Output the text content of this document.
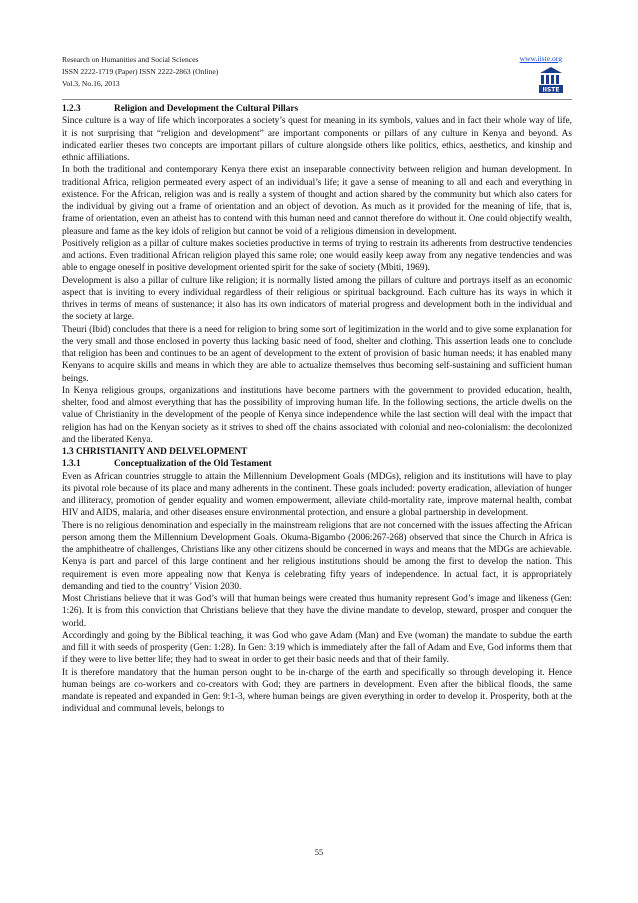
Research on Humanities and Social Sciences
ISSN 2222-1719 (Paper) ISSN 2222-2863 (Online)
Vol.3, No.16, 2013
www.iiste.org
IISTE

1.2.3	Religion and Development the Cultural Pillars

Since culture is a way of life which incorporates a society’s quest for meaning in its symbols, values and in fact their whole way of life, it is not surprising that “religion and development” are important components or pillars of any culture in Kenya and beyond. As indicated earlier theses two concepts are important pillars of culture alongside others like politics, ethics, aesthetics, and kinship and ethnic affiliations.

In both the traditional and contemporary Kenya there exist an inseparable connectivity between religion and human development. In traditional Africa, religion permeated every aspect of an individual’s life; it gave a sense of meaning to all and each and everything in existence. For the African, religion was and is really a system of thought and action shared by the community but which also caters for the individual by giving out a frame of orientation and an object of devotion. As much as it provided for the meaning of life, that is, frame of orientation, even an atheist has to contend with this human need and cannot therefore do without it. One could objectify wealth, pleasure and fame as the key idols of religion but cannot be void of a religious dimension in development.

Positively religion as a pillar of culture makes societies productive in terms of trying to restrain its adherents from destructive tendencies and actions. Even traditional African religion played this same role; one would easily keep away from any negative tendencies and was able to engage oneself in positive development oriented spirit for the sake of society (Mbiti, 1969).

Development is also a pillar of culture like religion; it is normally listed among the pillars of culture and portrays itself as an economic aspect that is inviting to every individual regardless of their religious or spiritual background. Each culture has its ways in which it thrives in terms of means of sustenance; it also has its own indicators of material progress and development both in the individual and the society at large.

Theuri (Ibid) concludes that there is a need for religion to bring some sort of legitimization in the world and to give some explanation for the very small and those enclosed in poverty thus lacking basic need of food, shelter and clothing. This assertion leads one to conclude that religion has been and continues to be an agent of development to the extent of provision of basic human needs; it has enabled many Kenyans to acquire skills and means in which they are able to actualize themselves thus becoming self-sustaining and sufficient human beings.

In Kenya religious groups, organizations and institutions have become partners with the government to provided education, health, shelter, food and almost everything that has the possibility of improving human life. In the following sections, the article dwells on the value of Christianity in the development of the people of Kenya since independence while the last section will deal with the impact that religion has had on the Kenyan society as it strives to shed off the chains associated with colonial and neo-colonialism: the decolonized and the liberated Kenya.

1.3 CHRISTIANITY AND DELVELOPMENT

1.3.1	Conceptualization of the Old Testament

Even as African countries struggle to attain the Millennium Development Goals (MDGs), religion and its institutions will have to play its pivotal role because of its place and many adherents in the continent. These goals included: poverty eradication, alleviation of hunger and illiteracy, promotion of gender equality and women empowerment, alleviate child-mortality rate, improve maternal health, combat HIV and AIDS, malaria, and other diseases ensure environmental protection, and ensure a global partnership in development.

There is no religious denomination and especially in the mainstream religions that are not concerned with the issues affecting the African person among them the Millennium Development Goals. Okuma-Bigambo (2006:267-268) observed that since the Church in Africa is the amphitheatre of challenges, Christians like any other citizens should be concerned in ways and means that the MDGs are achievable. Kenya is part and parcel of this large continent and her religious institutions should be among the first to develop the nation. This requirement is even more appealing now that Kenya is celebrating fifty years of independence. In actual fact, it is appropriately demanding and tied to the country’ Vision 2030.

Most Christians believe that it was God’s will that human beings were created thus humanity represent God’s image and likeness (Gen: 1:26). It is from this conviction that Christians believe that they have the divine mandate to develop, steward, prosper and conquer the world.

Accordingly and going by the Biblical teaching, it was God who gave Adam (Man) and Eve (woman) the mandate to subdue the earth and fill it with seeds of prosperity (Gen: 1:28). In Gen: 3:19 which is immediately after the fall of Adam and Eve, God informs them that if they were to live better life; they had to sweat in order to get their basic needs and that of their family.

It is therefore mandatory that the human person ought to be in-charge of the earth and specifically so through developing it. Hence human beings are co-workers and co-creators with God; they are partners in development. Even after the biblical floods, the same mandate is repeated and expanded in Gen: 9:1-3, where human beings are given everything in order to develop it. Prosperity, both at the individual and communal levels, belongs to

55
